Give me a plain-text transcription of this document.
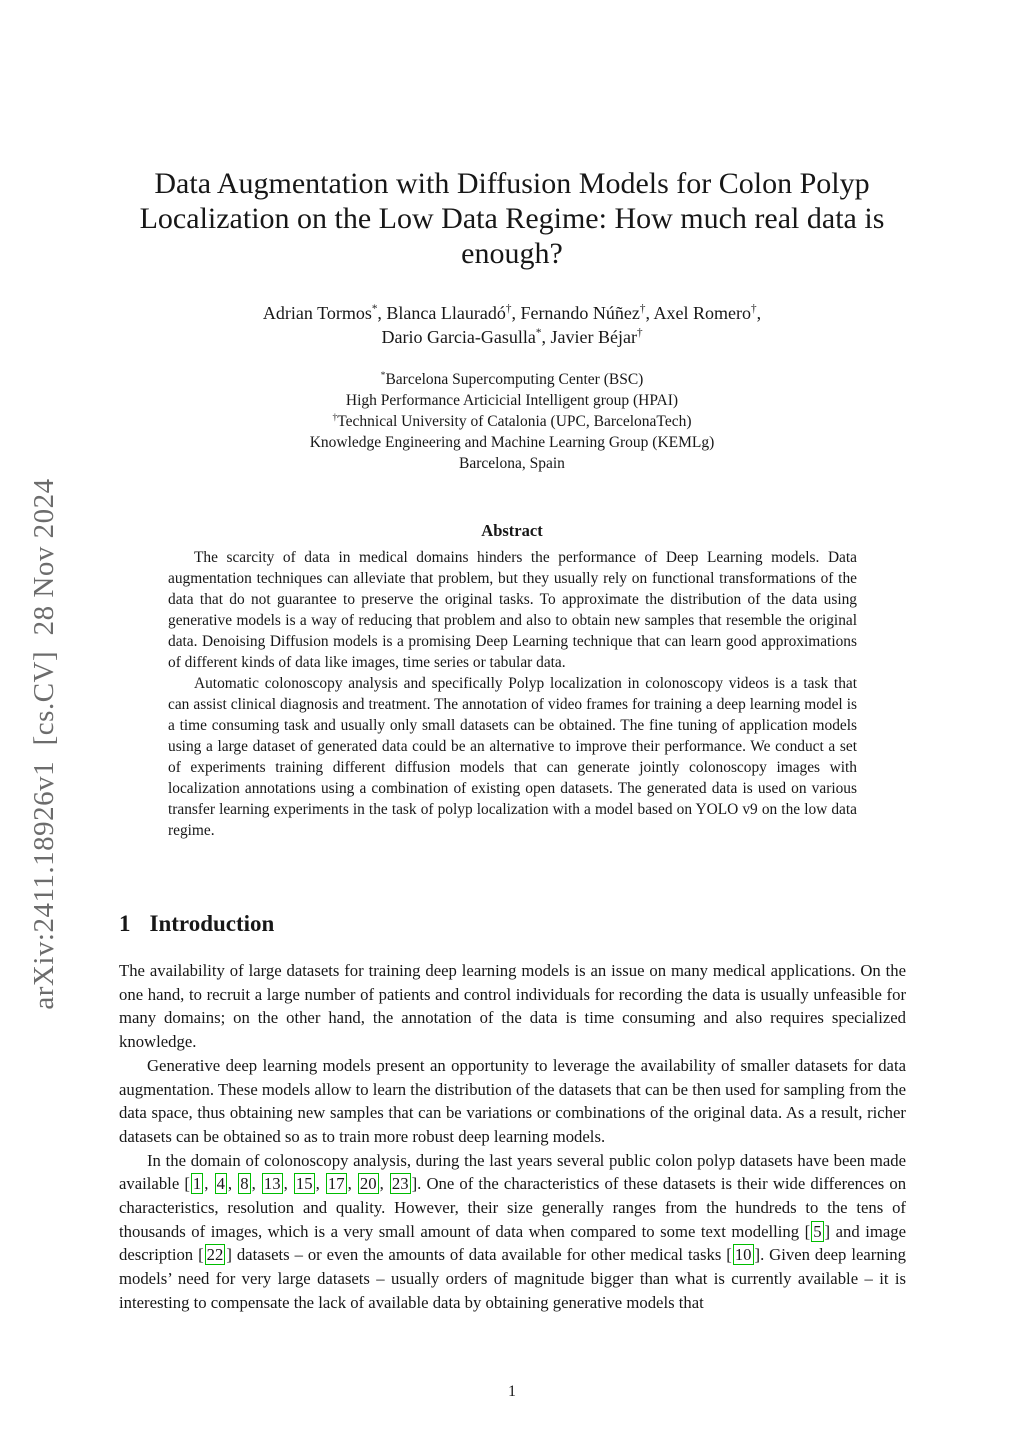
arXiv:2411.18926v1  [cs.CV]  28 Nov 2024
Data Augmentation with Diffusion Models for Colon Polyp
Localization on the Low Data Regime: How much real data is
enough?
Adrian Tormos*, Blanca Llauradó†, Fernando Núñez†, Axel Romero†,
Dario Garcia-Gasulla*, Javier Béjar†
*Barcelona Supercomputing Center (BSC)
High Performance Articicial Intelligent group (HPAI)
†Technical University of Catalonia (UPC, BarcelonaTech)
Knowledge Engineering and Machine Learning Group (KEMLg)
Barcelona, Spain
Abstract

The scarcity of data in medical domains hinders the performance of Deep Learning models. Data augmentation techniques can alleviate that problem, but they usually rely on functional transformations of the data that do not guarantee to preserve the original tasks. To approximate the distribution of the data using generative models is a way of reducing that problem and also to obtain new samples that resemble the original data. Denoising Diffusion models is a promising Deep Learning technique that can learn good approximations of different kinds of data like images, time series or tabular data.

Automatic colonoscopy analysis and specifically Polyp localization in colonoscopy videos is a task that can assist clinical diagnosis and treatment. The annotation of video frames for training a deep learning model is a time consuming task and usually only small datasets can be obtained. The fine tuning of application models using a large dataset of generated data could be an alternative to improve their performance. We conduct a set of experiments training different diffusion models that can generate jointly colonoscopy images with localization annotations using a combination of existing open datasets. The generated data is used on various transfer learning experiments in the task of polyp localization with a model based on YOLO v9 on the low data regime.

1 Introduction

The availability of large datasets for training deep learning models is an issue on many medical applications. On the one hand, to recruit a large number of patients and control individuals for recording the data is usually unfeasible for many domains; on the other hand, the annotation of the data is time consuming and also requires specialized knowledge.

Generative deep learning models present an opportunity to leverage the availability of smaller datasets for data augmentation. These models allow to learn the distribution of the datasets that can be then used for sampling from the data space, thus obtaining new samples that can be variations or combinations of the original data. As a result, richer datasets can be obtained so as to train more robust deep learning models.

In the domain of colonoscopy analysis, during the last years several public colon polyp datasets have been made available [ 1 , 4 , 8 , 13 , 15 , 17 , 20 , 23 ]. One of the characteristics of these datasets is their wide differences on characteristics, resolution and quality. However, their size generally ranges from the hundreds to the tens of thousands of images, which is a very small amount of data when compared to some text modelling [ 5 ] and image description [ 22 ] datasets – or even the amounts of data available for other medical tasks [ 10 ]. Given deep learning models’ need for very large datasets – usually orders of magnitude bigger than what is currently available – it is interesting to compensate the lack of available data by obtaining generative models that

1
